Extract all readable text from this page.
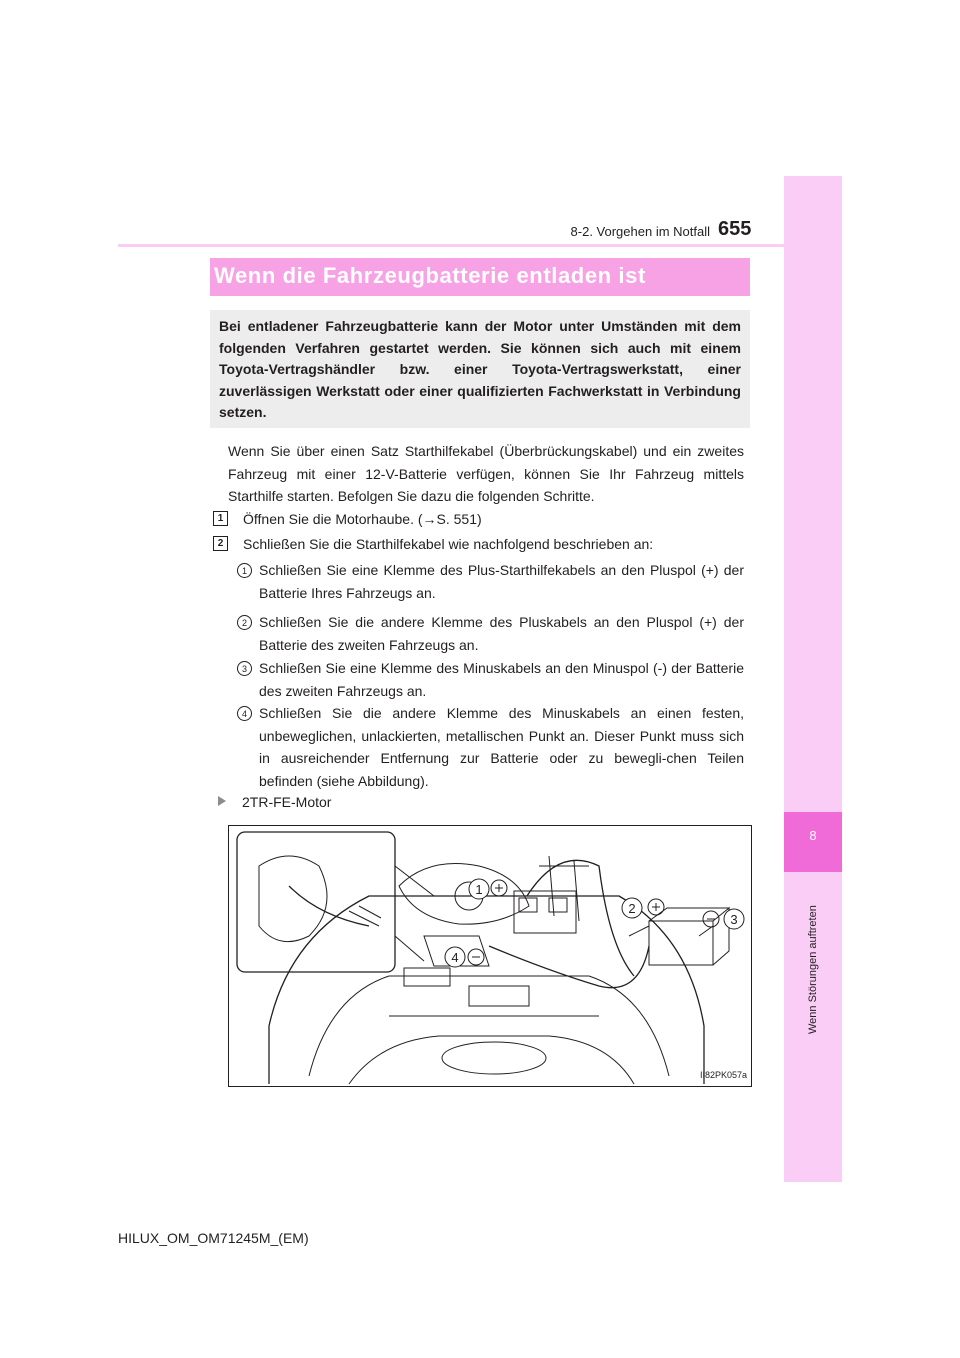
8
Wenn Störungen auftreten
8-2. Vorgehen im Notfall 655
Wenn die Fahrzeugbatterie entladen ist
Bei entladener Fahrzeugbatterie kann der Motor unter Umständen mit dem folgenden Verfahren gestartet werden. Sie können sich auch mit einem Toyota-Vertragshändler bzw. einer Toyota-Vertragswerkstatt, einer zuverlässigen Werkstatt oder einer qualifizierten Fachwerkstatt in Verbindung setzen.
Wenn Sie über einen Satz Starthilfekabel (Überbrückungskabel) und ein zweites Fahrzeug mit einer 12-V-Batterie verfügen, können Sie Ihr Fahrzeug mittels Starthilfe starten. Befolgen Sie dazu die folgenden Schritte.
1	Öffnen Sie die Motorhaube. (→S. 551)
2	Schließen Sie die Starthilfekabel wie nachfolgend beschrieben an:
1 Schließen Sie eine Klemme des Plus-Starthilfekabels an den Pluspol (+) der Batterie Ihres Fahrzeugs an.
2 Schließen Sie die andere Klemme des Pluskabels an den Pluspol (+) der Batterie des zweiten Fahrzeugs an.
3 Schließen Sie eine Klemme des Minuskabels an den Minuspol (-) der Batterie des zweiten Fahrzeugs an.
4 Schließen Sie die andere Klemme des Minuskabels an einen festen, unbeweglichen, unlackierten, metallischen Punkt an. Dieser Punkt muss sich in ausreichender Entfernung zur Batterie oder zu bewegli-chen Teilen befinden (siehe Abbildung).
2TR-FE-Motor
1
2
3
4
II82PK057a
HILUX_OM_OM71245M_(EM)
